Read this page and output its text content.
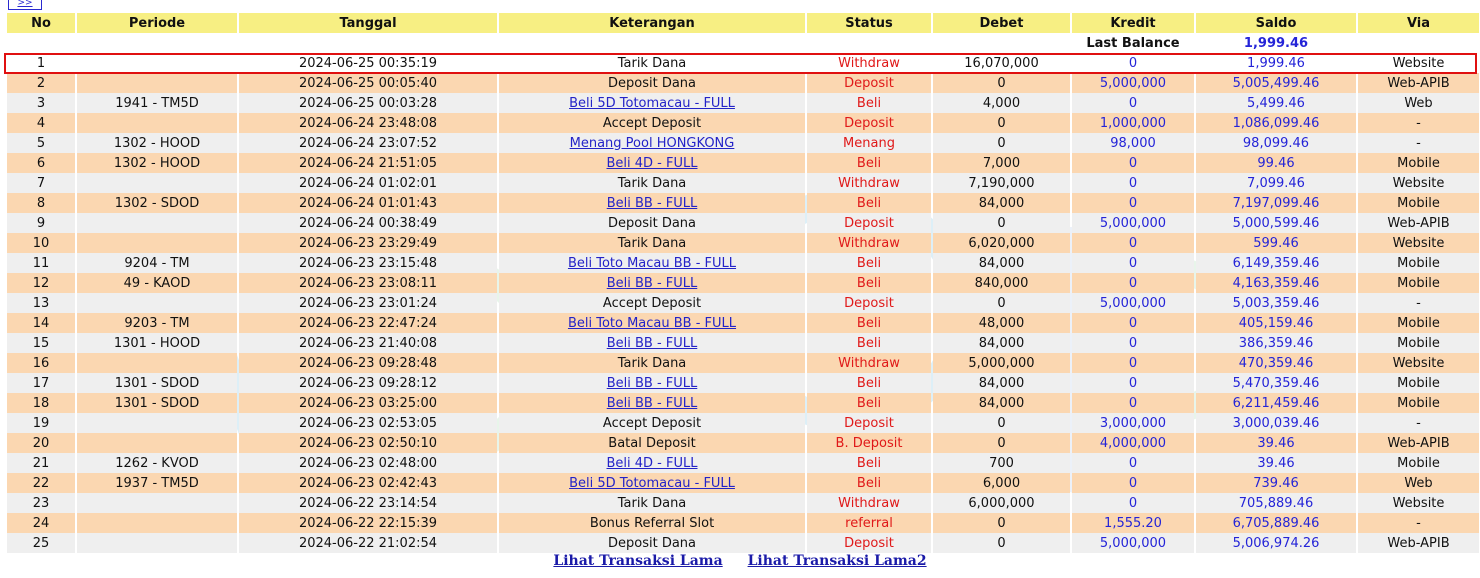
>>
No	Periode	Tanggal	Keterangan	Status	Debet	Kredit	Saldo	Via
						Last Balance	1,999.46	
1		2024-06-25 00:35:19	Tarik Dana	Withdraw	16,070,000	0	1,999.46	Website
2		2024-06-25 00:05:40	Deposit Dana	Deposit	0	5,000,000	5,005,499.46	Web-APIB
3	1941 - TM5D	2024-06-25 00:03:28	Beli 5D Totomacau - FULL	Beli	4,000	0	5,499.46	Web
4		2024-06-24 23:48:08	Accept Deposit	Deposit	0	1,000,000	1,086,099.46	-
5	1302 - HOOD	2024-06-24 23:07:52	Menang Pool HONGKONG	Menang	0	98,000	98,099.46	-
6	1302 - HOOD	2024-06-24 21:51:05	Beli 4D - FULL	Beli	7,000	0	99.46	Mobile
7		2024-06-24 01:02:01	Tarik Dana	Withdraw	7,190,000	0	7,099.46	Website
8	1302 - SDOD	2024-06-24 01:01:43	Beli BB - FULL	Beli	84,000	0	7,197,099.46	Mobile
9		2024-06-24 00:38:49	Deposit Dana	Deposit	0	5,000,000	5,000,599.46	Web-APIB
10		2024-06-23 23:29:49	Tarik Dana	Withdraw	6,020,000	0	599.46	Website
11	9204 - TM	2024-06-23 23:15:48	Beli Toto Macau BB - FULL	Beli	84,000	0	6,149,359.46	Mobile
12	49 - KAOD	2024-06-23 23:08:11	Beli BB - FULL	Beli	840,000	0	4,163,359.46	Mobile
13		2024-06-23 23:01:24	Accept Deposit	Deposit	0	5,000,000	5,003,359.46	-
14	9203 - TM	2024-06-23 22:47:24	Beli Toto Macau BB - FULL	Beli	48,000	0	405,159.46	Mobile
15	1301 - HOOD	2024-06-23 21:40:08	Beli BB - FULL	Beli	84,000	0	386,359.46	Mobile
16		2024-06-23 09:28:48	Tarik Dana	Withdraw	5,000,000	0	470,359.46	Website
17	1301 - SDOD	2024-06-23 09:28:12	Beli BB - FULL	Beli	84,000	0	5,470,359.46	Mobile
18	1301 - SDOD	2024-06-23 03:25:00	Beli BB - FULL	Beli	84,000	0	6,211,459.46	Mobile
19		2024-06-23 02:53:05	Accept Deposit	Deposit	0	3,000,000	3,000,039.46	-
20		2024-06-23 02:50:10	Batal Deposit	B. Deposit	0	4,000,000	39.46	Web-APIB
21	1262 - KVOD	2024-06-23 02:48:00	Beli 4D - FULL	Beli	700	0	39.46	Mobile
22	1937 - TM5D	2024-06-23 02:42:43	Beli 5D Totomacau - FULL	Beli	6,000	0	739.46	Web
23		2024-06-22 23:14:54	Tarik Dana	Withdraw	6,000,000	0	705,889.46	Website
24		2024-06-22 22:15:39	Bonus Referral Slot	referral	0	1,555.20	6,705,889.46	-
25		2024-06-22 21:02:54	Deposit Dana	Deposit	0	5,000,000	5,006,974.26	Web-APIB
Lihat Transaksi Lama Lihat Transaksi Lama2
